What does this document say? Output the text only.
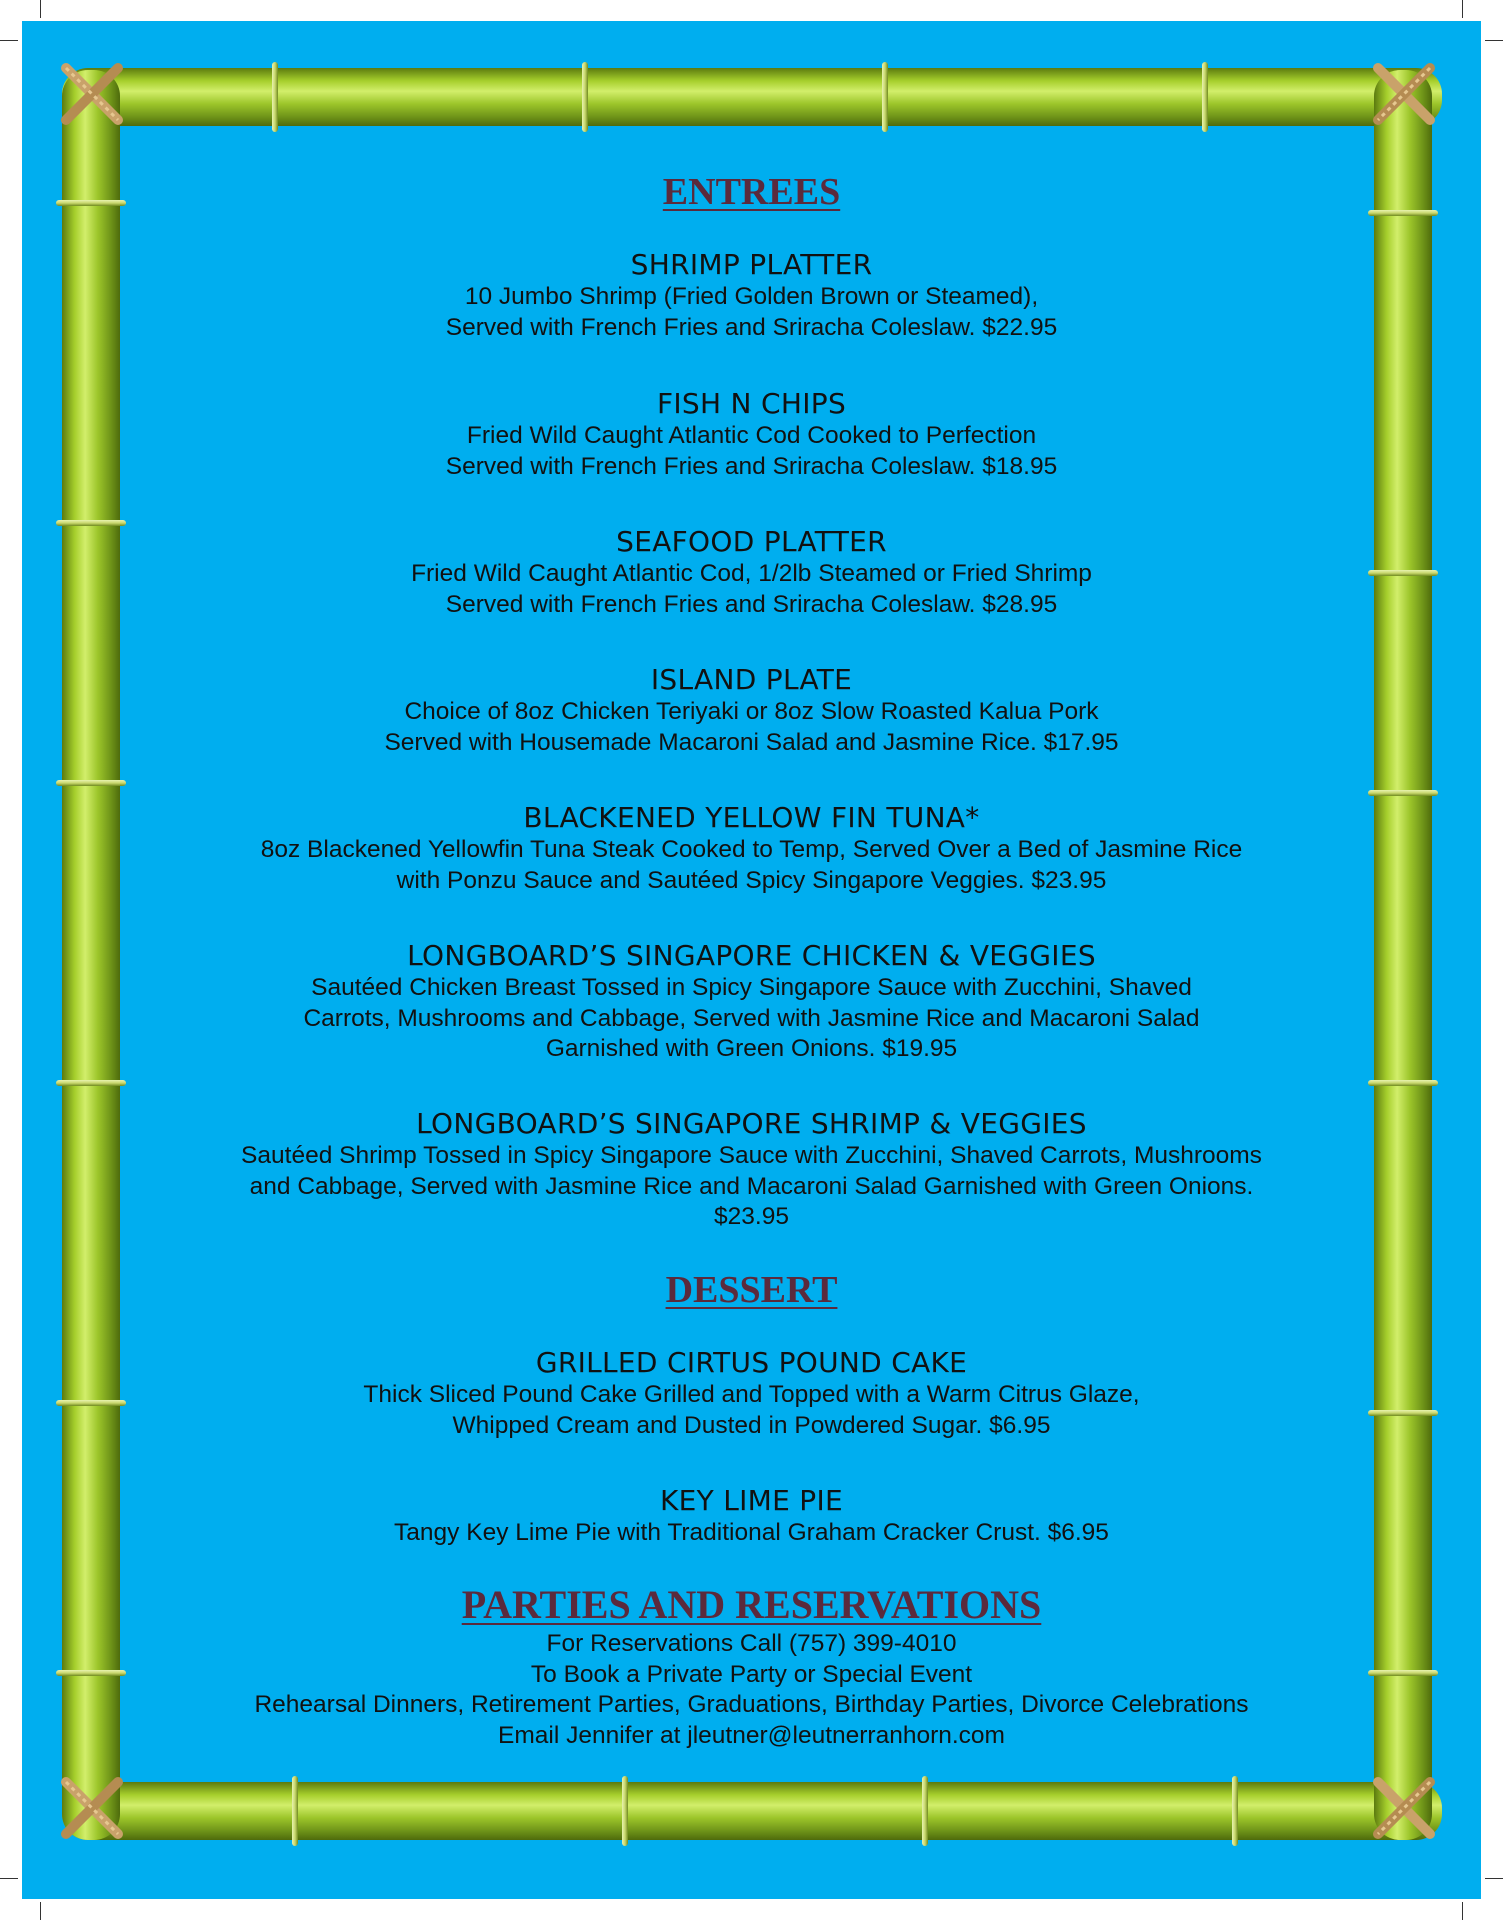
ENTREES
SHRIMP PLATTER
10 Jumbo Shrimp (Fried Golden Brown or Steamed),
Served with French Fries and Sriracha Coleslaw. $22.95
FISH N CHIPS
Fried Wild Caught Atlantic Cod Cooked to Perfection
Served with French Fries and Sriracha Coleslaw. $18.95
SEAFOOD PLATTER
Fried Wild Caught Atlantic Cod, 1/2lb Steamed or Fried Shrimp
Served with French Fries and Sriracha Coleslaw. $28.95
ISLAND PLATE
Choice of 8oz Chicken Teriyaki or 8oz Slow Roasted Kalua Pork
Served with Housemade Macaroni Salad and Jasmine Rice. $17.95
BLACKENED YELLOW FIN TUNA*
8oz Blackened Yellowfin Tuna Steak Cooked to Temp, Served Over a Bed of Jasmine Rice
with Ponzu Sauce and Sautéed Spicy Singapore Veggies. $23.95
LONGBOARD’S SINGAPORE CHICKEN & VEGGIES
Sautéed Chicken Breast Tossed in Spicy Singapore Sauce with Zucchini, Shaved
Carrots, Mushrooms and Cabbage, Served with Jasmine Rice and Macaroni Salad
Garnished with Green Onions. $19.95
LONGBOARD’S SINGAPORE SHRIMP & VEGGIES
Sautéed Shrimp Tossed in Spicy Singapore Sauce with Zucchini, Shaved Carrots, Mushrooms
and Cabbage, Served with Jasmine Rice and Macaroni Salad Garnished with Green Onions.
$23.95
DESSERT
GRILLED CIRTUS POUND CAKE
Thick Sliced Pound Cake Grilled and Topped with a Warm Citrus Glaze,
Whipped Cream and Dusted in Powdered Sugar. $6.95
KEY LIME PIE
Tangy Key Lime Pie with Traditional Graham Cracker Crust. $6.95
PARTIES AND RESERVATIONS
For Reservations Call (757) 399-4010
To Book a Private Party or Special Event
Rehearsal Dinners, Retirement Parties, Graduations, Birthday Parties, Divorce Celebrations
Email Jennifer at jleutner@leutnerranhorn.com
